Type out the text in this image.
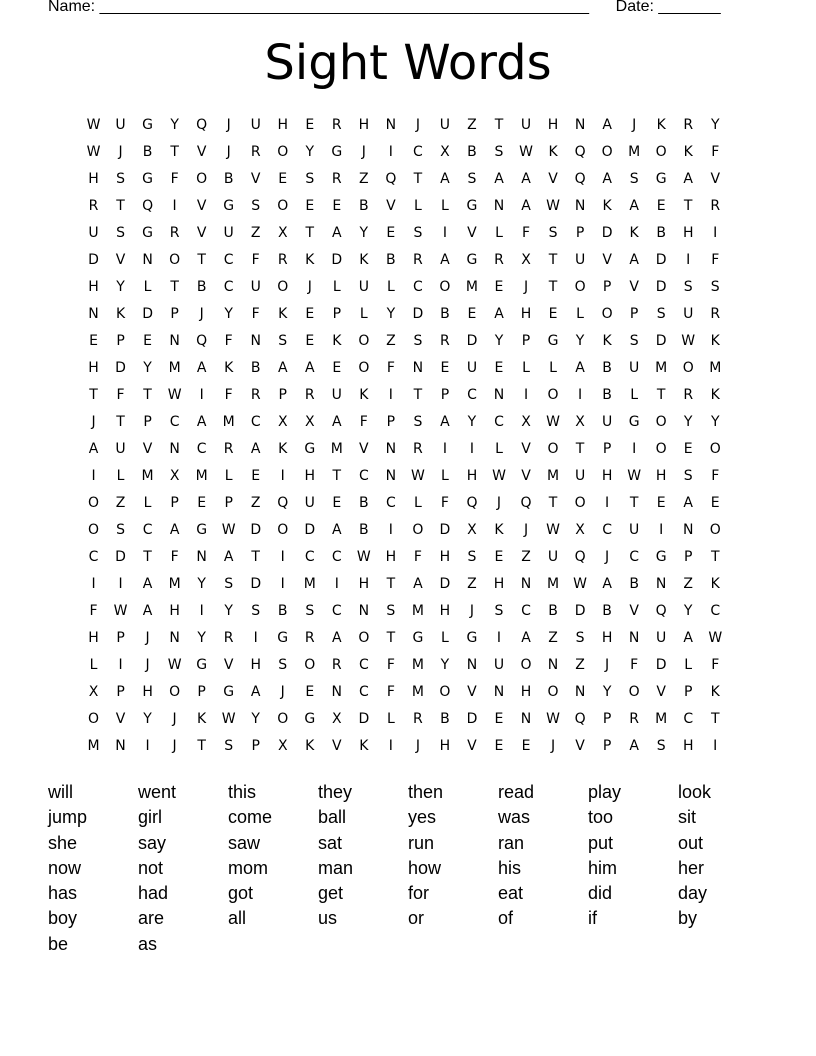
Name: _______________________________________________________ Date: _______
Sight Words
W	U	G	Y	Q	J	U	H	E	R	H	N	J	U	Z	T	U	H	N	A	J	K	R	Y
W	J	B	T	V	J	R	O	Y	G	J	I	C	X	B	S	W	K	Q	O	M	O	K	F
H	S	G	F	O	B	V	E	S	R	Z	Q	T	A	S	A	A	V	Q	A	S	G	A	V
R	T	Q	I	V	G	S	O	E	E	B	V	L	L	G	N	A	W	N	K	A	E	T	R
U	S	G	R	V	U	Z	X	T	A	Y	E	S	I	V	L	F	S	P	D	K	B	H	I
D	V	N	O	T	C	F	R	K	D	K	B	R	A	G	R	X	T	U	V	A	D	I	F
H	Y	L	T	B	C	U	O	J	L	U	L	C	O	M	E	J	T	O	P	V	D	S	S
N	K	D	P	J	Y	F	K	E	P	L	Y	D	B	E	A	H	E	L	O	P	S	U	R
E	P	E	N	Q	F	N	S	E	K	O	Z	S	R	D	Y	P	G	Y	K	S	D	W	K
H	D	Y	M	A	K	B	A	A	E	O	F	N	E	U	E	L	L	A	B	U	M	O	M
T	F	T	W	I	F	R	P	R	U	K	I	T	P	C	N	I	O	I	B	L	T	R	K
J	T	P	C	A	M	C	X	X	A	F	P	S	A	Y	C	X	W	X	U	G	O	Y	Y
A	U	V	N	C	R	A	K	G	M	V	N	R	I	I	L	V	O	T	P	I	O	E	O
I	L	M	X	M	L	E	I	H	T	C	N	W	L	H	W	V	M	U	H	W	H	S	F
O	Z	L	P	E	P	Z	Q	U	E	B	C	L	F	Q	J	Q	T	O	I	T	E	A	E
O	S	C	A	G	W	D	O	D	A	B	I	O	D	X	K	J	W	X	C	U	I	N	O
C	D	T	F	N	A	T	I	C	C	W	H	F	H	S	E	Z	U	Q	J	C	G	P	T
I	I	A	M	Y	S	D	I	M	I	H	T	A	D	Z	H	N	M	W	A	B	N	Z	K
F	W	A	H	I	Y	S	B	S	C	N	S	M	H	J	S	C	B	D	B	V	Q	Y	C
H	P	J	N	Y	R	I	G	R	A	O	T	G	L	G	I	A	Z	S	H	N	U	A	W
L	I	J	W	G	V	H	S	O	R	C	F	M	Y	N	U	O	N	Z	J	F	D	L	F
X	P	H	O	P	G	A	J	E	N	C	F	M	O	V	N	H	O	N	Y	O	V	P	K
O	V	Y	J	K	W	Y	O	G	X	D	L	R	B	D	E	N	W	Q	P	R	M	C	T
M	N	I	J	T	S	P	X	K	V	K	I	J	H	V	E	E	J	V	P	A	S	H	I
will	went	this	they	then	read	play	look
jump	girl	come	ball	yes	was	too	sit
she	say	saw	sat	run	ran	put	out
now	not	mom	man	how	his	him	her
has	had	got	get	for	eat	did	day
boy	are	all	us	or	of	if	by
be	as
